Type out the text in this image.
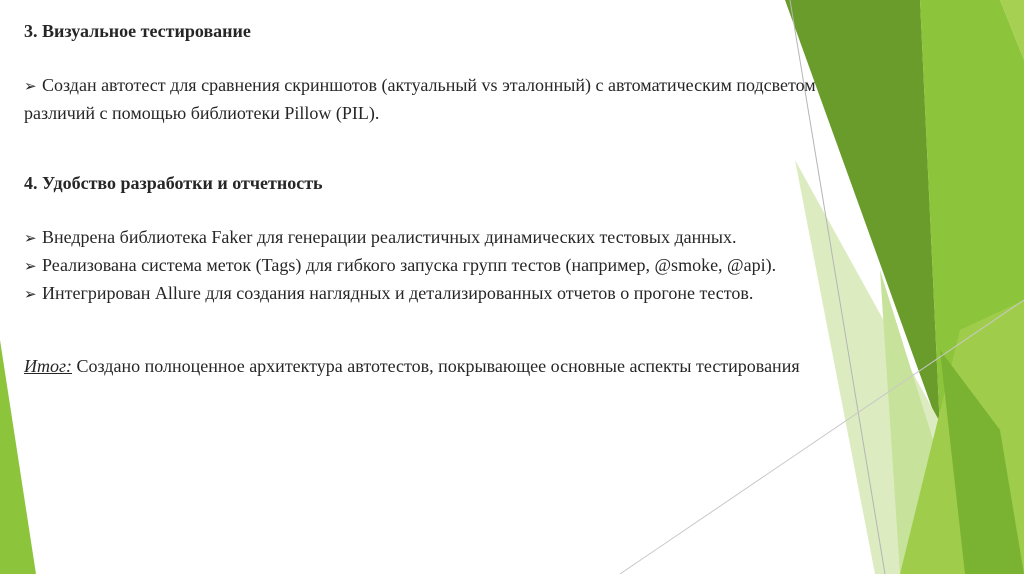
3. Визуальное тестирование

➢ Создан автотест для сравнения скриншотов (актуальный vs эталонный) с автоматическим подсветом различий с помощью библиотеки Pillow (PIL).

4. Удобство разработки и отчетность

➢ Внедрена библиотека Faker для генерации реалистичных динамических тестовых данных.

➢ Реализована система меток (Tags) для гибкого запуска групп тестов (например, @smoke, @api).

➢ Интегрирован Allure для создания наглядных и детализированных отчетов о прогоне тестов.

Итог: Создано полноценное архитектура автотестов, покрывающее основные аспекты тестирования
